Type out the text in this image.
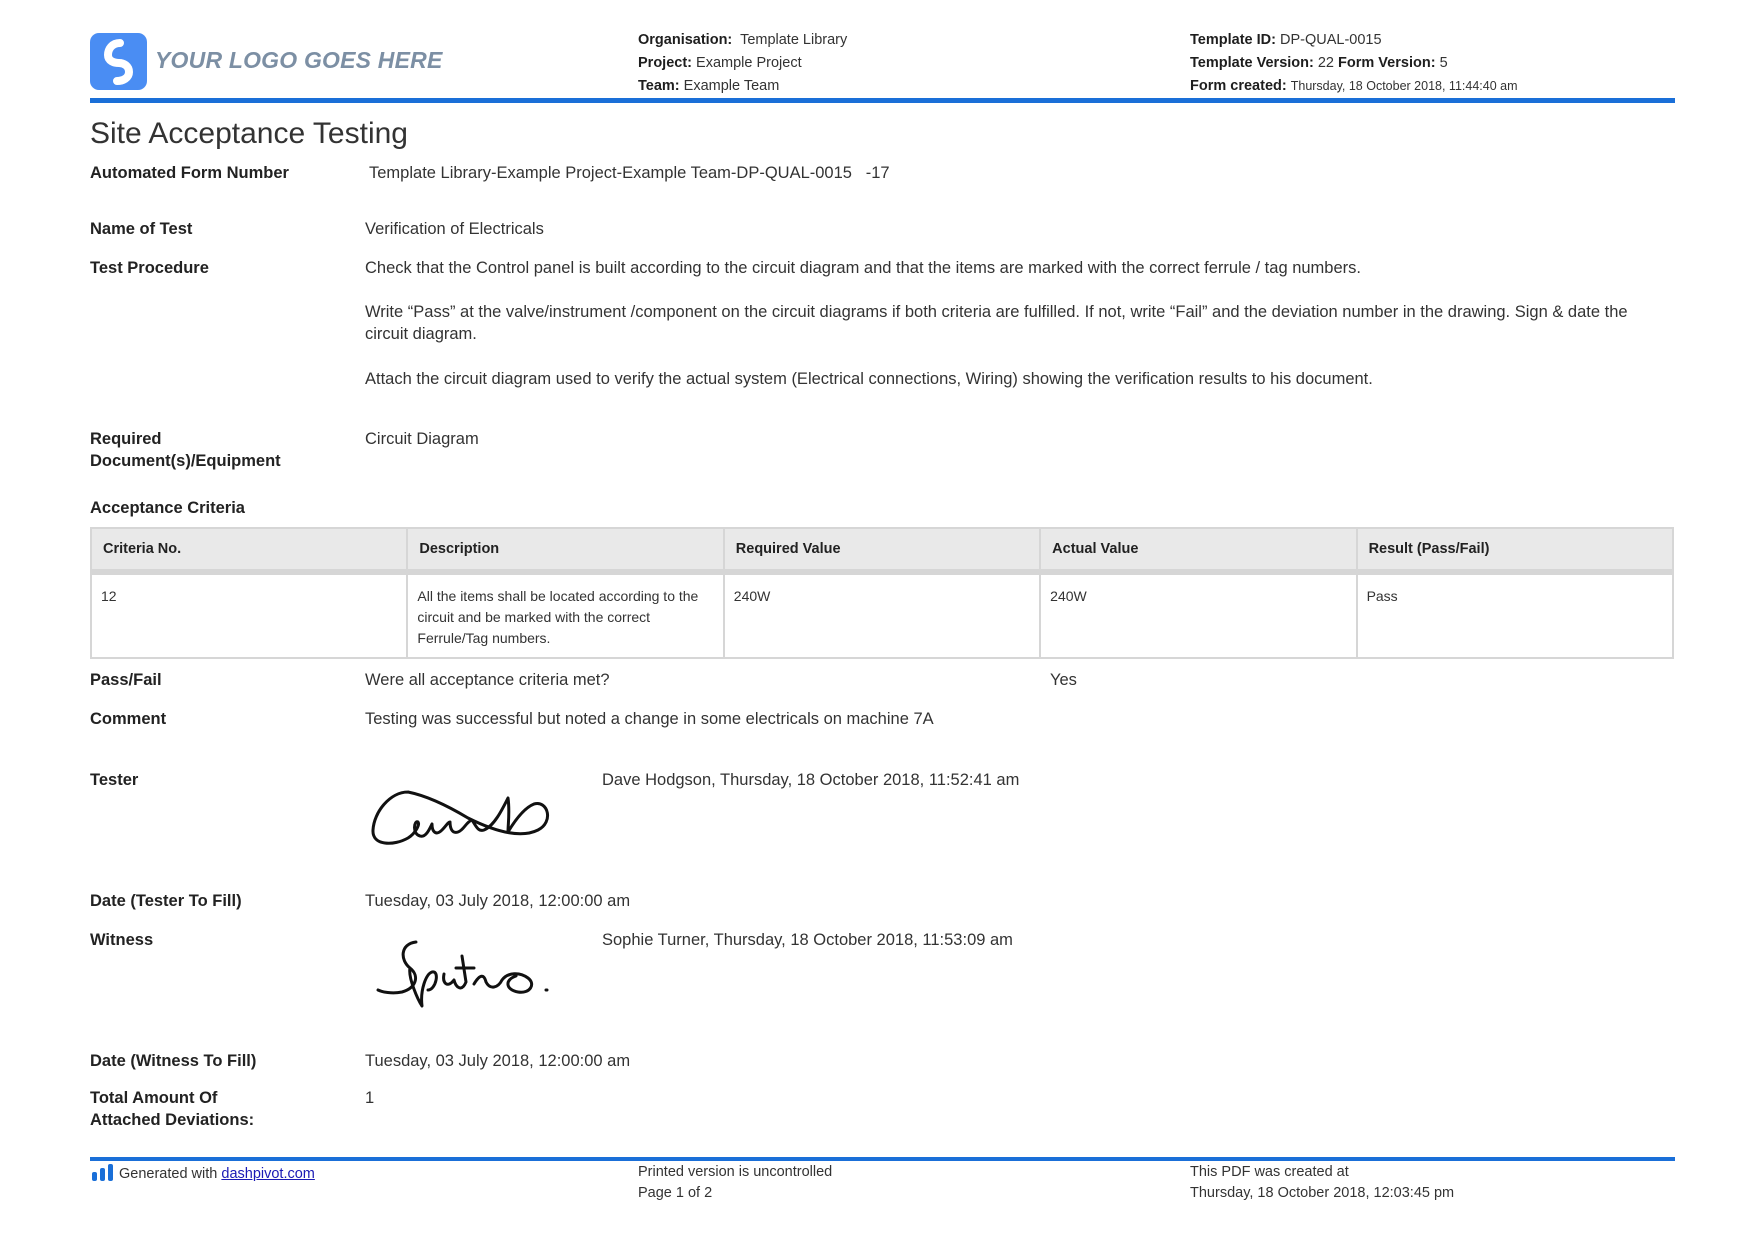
YOUR LOGO GOES HERE
Organisation: Template Library
Project: Example Project
Team: Example Team
Template ID: DP-QUAL-0015
Template Version: 22 Form Version: 5
Form created: Thursday, 18 October 2018, 11:44:40 am
Site Acceptance Testing
Automated Form Number	Template Library-Example Project-Example Team-DP-QUAL-0015   -17
Name of Test	Verification of Electricals
Test Procedure	Check that the Control panel is built according to the circuit diagram and that the items are marked with the correct ferrule / tag numbers.
Write “Pass” at the valve/instrument /component on the circuit diagrams if both criteria are fulfilled. If not, write “Fail” and the deviation number in the drawing. Sign & date the circuit diagram.
Attach the circuit diagram used to verify the actual system (Electrical connections, Wiring) showing the verification results to his document.
Required Document(s)/Equipment
Circuit Diagram
Acceptance Criteria
Criteria No.	Description	Required Value	Actual Value	Result (Pass/Fail)
12	All the items shall be located according to the circuit and be marked with the correct Ferrule/Tag numbers.	240W	240W	Pass
Pass/Fail	Were all acceptance criteria met?	Yes
Comment	Testing was successful but noted a change in some electricals on machine 7A
Tester	Dave Hodgson, Thursday, 18 October 2018, 11:52:41 am
Date (Tester To Fill)	Tuesday, 03 July 2018, 12:00:00 am
Witness	Sophie Turner, Thursday, 18 October 2018, 11:53:09 am
Date (Witness To Fill)	Tuesday, 03 July 2018, 12:00:00 am
Total Amount Of Attached Deviations:
1
Generated with dashpivot.com	Printed version is uncontrolled
Page 1 of 2
This PDF was created at
Thursday, 18 October 2018, 12:03:45 pm
